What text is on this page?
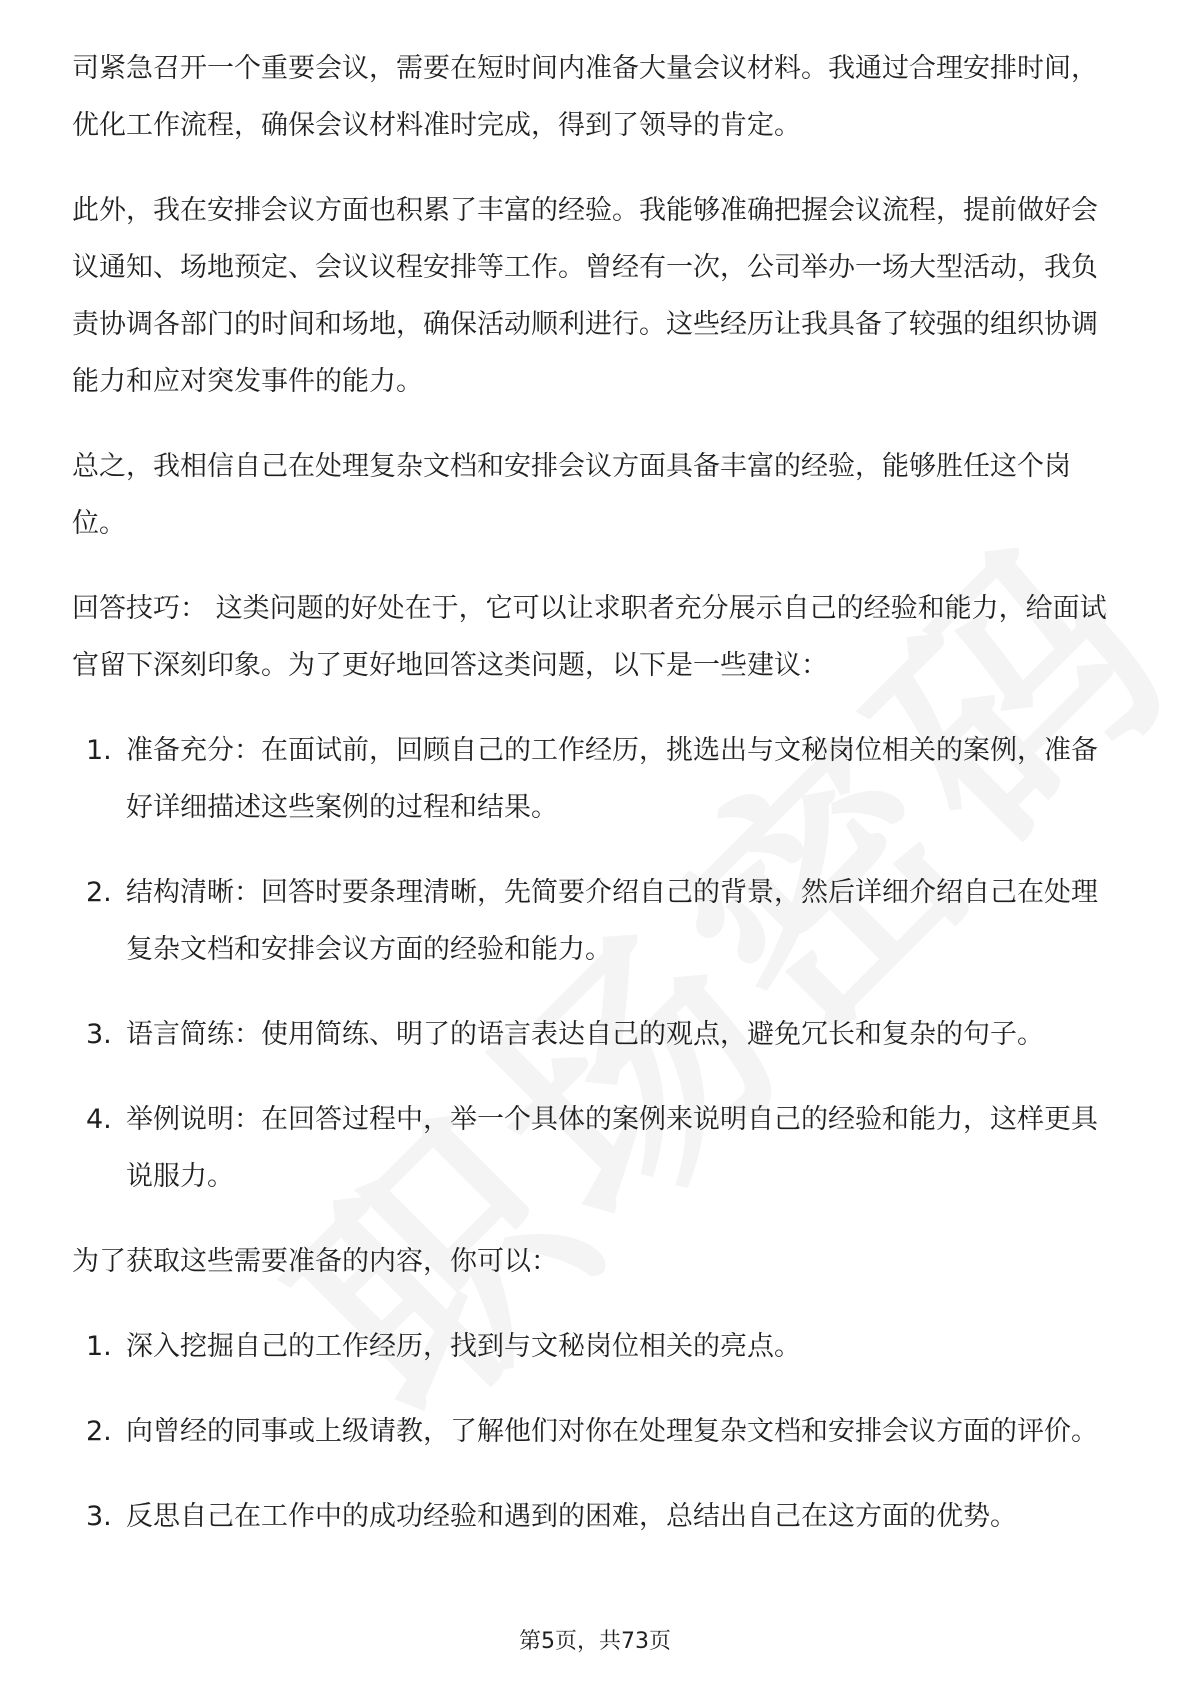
司紧急召开一个重要会议，需要在短时间内准备大量会议材料。我通过合理安排时间，优化工作流程，确保会议材料准时完成，得到了领导的肯定。

此外，我在安排会议方面也积累了丰富的经验。我能够准确把握会议流程，提前做好会议通知、场地预定、会议议程安排等工作。曾经有一次，公司举办一场大型活动，我负责协调各部门的时间和场地，确保活动顺利进行。这些经历让我具备了较强的组织协调能力和应对突发事件的能力。

总之，我相信自己在处理复杂文档和安排会议方面具备丰富的经验，能够胜任这个岗位。

回答技巧： 这类问题的好处在于，它可以让求职者充分展示自己的经验和能力，给面试官留下深刻印象。为了更好地回答这类问题，以下是一些建议：

1. 准备充分：在面试前，回顾自己的工作经历，挑选出与文秘岗位相关的案例，准备好详细描述这些案例的过程和结果。
2. 结构清晰：回答时要条理清晰，先简要介绍自己的背景，然后详细介绍自己在处理复杂文档和安排会议方面的经验和能力。
3. 语言简练：使用简练、明了的语言表达自己的观点，避免冗长和复杂的句子。
4. 举例说明：在回答过程中，举一个具体的案例来说明自己的经验和能力，这样更具说服力。

为了获取这些需要准备的内容，你可以：

1. 深入挖掘自己的工作经历，找到与文秘岗位相关的亮点。
2. 向曾经的同事或上级请教，了解他们对你在处理复杂文档和安排会议方面的评价。
3. 反思自己在工作中的成功经验和遇到的困难，总结出自己在这方面的优势。
第5页，共73页
